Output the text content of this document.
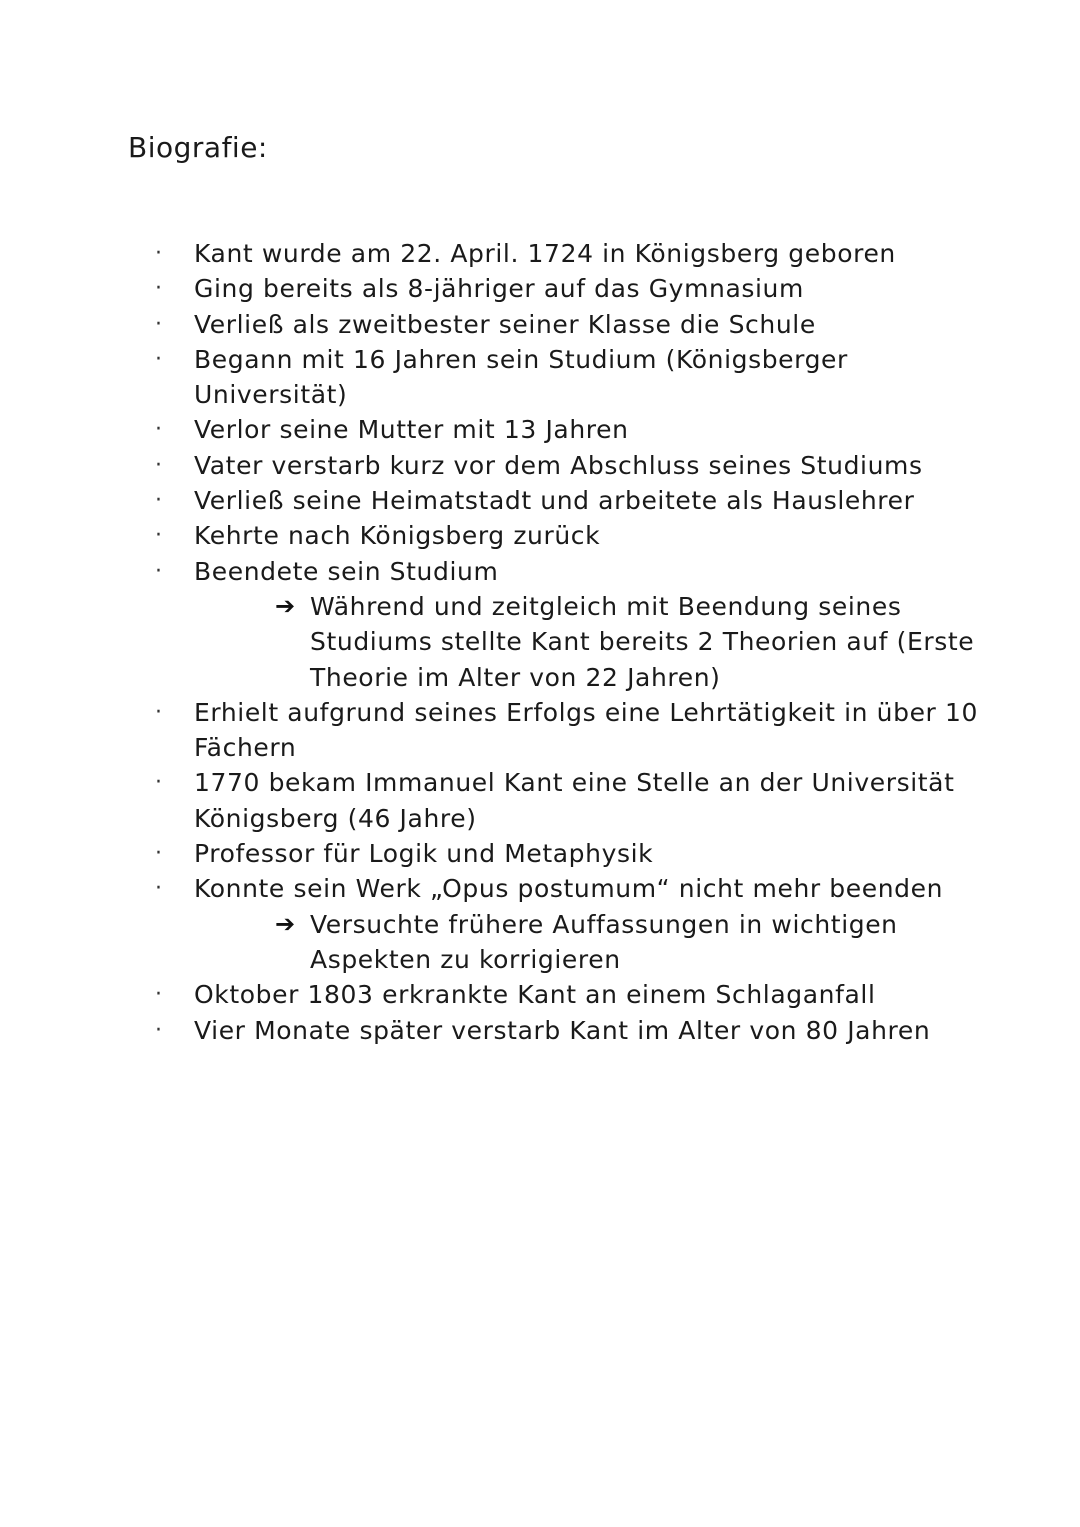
Biografie:
· Kant wurde am 22. April. 1724 in Königsberg geboren
· Ging bereits als 8-jähriger auf das Gymnasium
· Verließ als zweitbester seiner Klasse die Schule
· Begann mit 16 Jahren sein Studium (Königsberger Universität)
· Verlor seine Mutter mit 13 Jahren
· Vater verstarb kurz vor dem Abschluss seines Studiums
· Verließ seine Heimatstadt und arbeitete als Hauslehrer
· Kehrte nach Königsberg zurück
· Beendete sein Studium
➔ Während und zeitgleich mit Beendung seines Studiums stellte Kant bereits 2 Theorien auf (Erste Theorie im Alter von 22 Jahren)
· Erhielt aufgrund seines Erfolgs eine Lehrtätigkeit in über 10 Fächern
· 1770 bekam Immanuel Kant eine Stelle an der Universität Königsberg (46 Jahre)
· Professor für Logik und Metaphysik
· Konnte sein Werk „Opus postumum“ nicht mehr beenden
➔ Versuchte frühere Auffassungen in wichtigen Aspekten zu korrigieren
· Oktober 1803 erkrankte Kant an einem Schlaganfall
· Vier Monate später verstarb Kant im Alter von 80 Jahren
